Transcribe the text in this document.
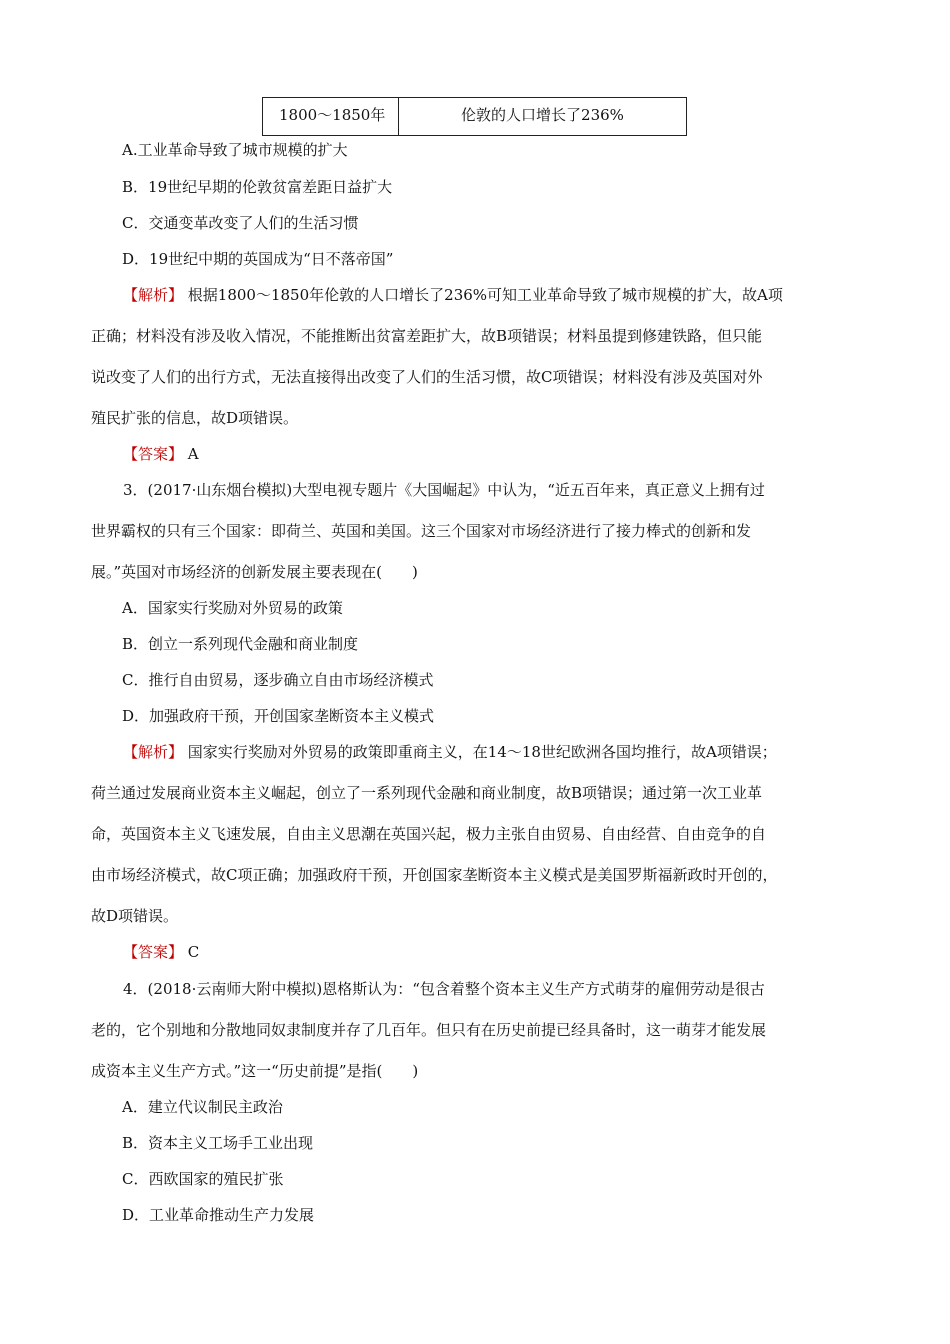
1800～1850年	伦敦的人口增长了236%
A.工业革命导致了城市规模的扩大
B．19世纪早期的伦敦贫富差距日益扩大
C．交通变革改变了人们的生活习惯
D．19世纪中期的英国成为“日不落帝国”
【解析】 根据1800～1850年伦敦的人口增长了236%可知工业革命导致了城市规模的扩大，故A项
正确；材料没有涉及收入情况，不能推断出贫富差距扩大，故B项错误；材料虽提到修建铁路，但只能
说改变了人们的出行方式，无法直接得出改变了人们的生活习惯，故C项错误；材料没有涉及英国对外
殖民扩张的信息，故D项错误。
【答案】 A
3．(2017·山东烟台模拟)大型电视专题片《大国崛起》中认为，“近五百年来，真正意义上拥有过
世界霸权的只有三个国家：即荷兰、英国和美国。这三个国家对市场经济进行了接力棒式的创新和发
展。”英国对市场经济的创新发展主要表现在(　　)
A．国家实行奖励对外贸易的政策
B．创立一系列现代金融和商业制度
C．推行自由贸易，逐步确立自由市场经济模式
D．加强政府干预，开创国家垄断资本主义模式
【解析】 国家实行奖励对外贸易的政策即重商主义，在14～18世纪欧洲各国均推行，故A项错误；
荷兰通过发展商业资本主义崛起，创立了一系列现代金融和商业制度，故B项错误；通过第一次工业革
命，英国资本主义飞速发展，自由主义思潮在英国兴起，极力主张自由贸易、自由经营、自由竞争的自
由市场经济模式，故C项正确；加强政府干预，开创国家垄断资本主义模式是美国罗斯福新政时开创的，
故D项错误。
【答案】 C
4．(2018·云南师大附中模拟)恩格斯认为：“包含着整个资本主义生产方式萌芽的雇佣劳动是很古
老的，它个别地和分散地同奴隶制度并存了几百年。但只有在历史前提已经具备时，这一萌芽才能发展
成资本主义生产方式。”这一“历史前提”是指(　　)
A．建立代议制民主政治
B．资本主义工场手工业出现
C．西欧国家的殖民扩张
D．工业革命推动生产力发展
